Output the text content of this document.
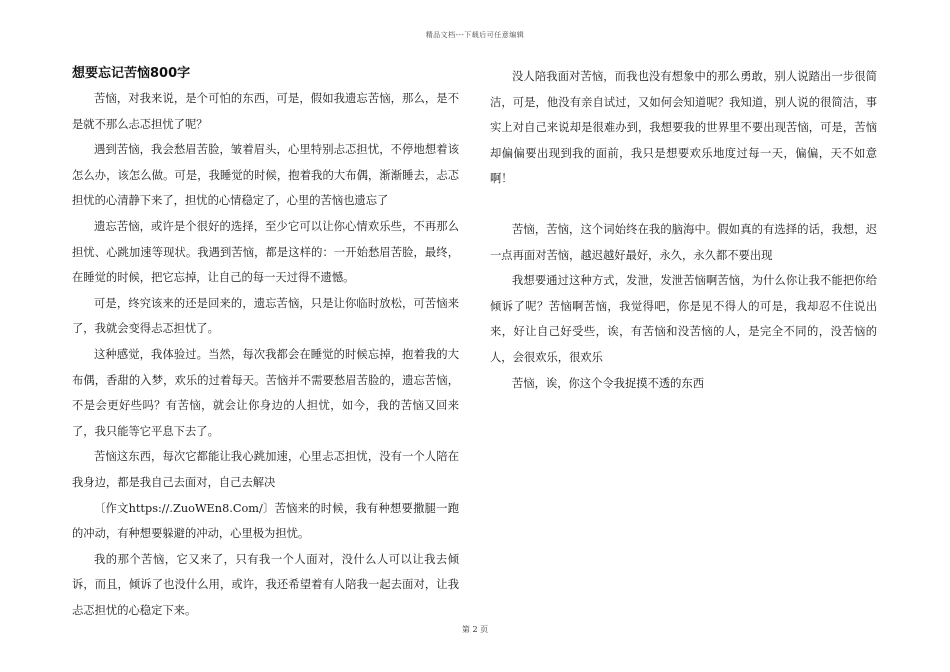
精品文档---下载后可任意编辑
想要忘记苦恼800字

苦恼，对我来说，是个可怕的东西，可是，假如我遗忘苦恼，那么，是不是就不那么忐忑担忧了呢？

遇到苦恼，我会愁眉苦脸，皱着眉头，心里特别忐忑担忧，不停地想着该怎么办，该怎么做。可是，我睡觉的时候，抱着我的大布偶，渐渐睡去，忐忑担忧的心清静下来了，担忧的心情稳定了，心里的苦恼也遗忘了

遗忘苦恼，或许是个很好的选择，至少它可以让你心情欢乐些，不再那么担忧、心跳加速等现状。我遇到苦恼，都是这样的：一开始愁眉苦脸，最终，在睡觉的时候，把它忘掉，让自己的每一天过得不遗憾。

可是，终究该来的还是回来的，遗忘苦恼，只是让你临时放松，可苦恼来了，我就会变得忐忑担忧了。

这种感觉，我体验过。当然，每次我都会在睡觉的时候忘掉，抱着我的大布偶，香甜的入梦，欢乐的过着每天。苦恼并不需要愁眉苦脸的，遗忘苦恼，不是会更好些吗？有苦恼，就会让你身边的人担忧，如今，我的苦恼又回来了，我只能等它平息下去了。

苦恼这东西，每次它都能让我心跳加速，心里忐忑担忧，没有一个人陪在我身边，都是我自己去面对，自己去解决

〔作文https://.ZuoWEn8.Com/〕苦恼来的时候，我有种想要撒腿一跑的冲动，有种想要躲避的冲动，心里极为担忧。

我的那个苦恼，它又来了，只有我一个人面对，没什么人可以让我去倾诉，而且，倾诉了也没什么用，或许，我还希望着有人陪我一起去面对，让我忐忑担忧的心稳定下来。

没人陪我面对苦恼，而我也没有想象中的那么勇敢，别人说踏出一步很简洁，可是，他没有亲自试过，又如何会知道呢？我知道，别人说的很简洁，事实上对自己来说却是很难办到，我想要我的世界里不要出现苦恼，可是，苦恼却偏偏要出现到我的面前，我只是想要欢乐地度过每一天，偏偏，天不如意啊！

苦恼，苦恼，这个词始终在我的脑海中。假如真的有选择的话，我想，迟一点再面对苦恼，越迟越好最好，永久，永久都不要出现

我想要通过这种方式，发泄，发泄苦恼啊苦恼，为什么你让我不能把你给倾诉了呢？苦恼啊苦恼，我觉得吧，你是见不得人的可是，我却忍不住说出来，好让自己好受些，诶，有苦恼和没苦恼的人，是完全不同的，没苦恼的人，会很欢乐，很欢乐

苦恼，诶，你这个令我捉摸不透的东西

第 2 页
